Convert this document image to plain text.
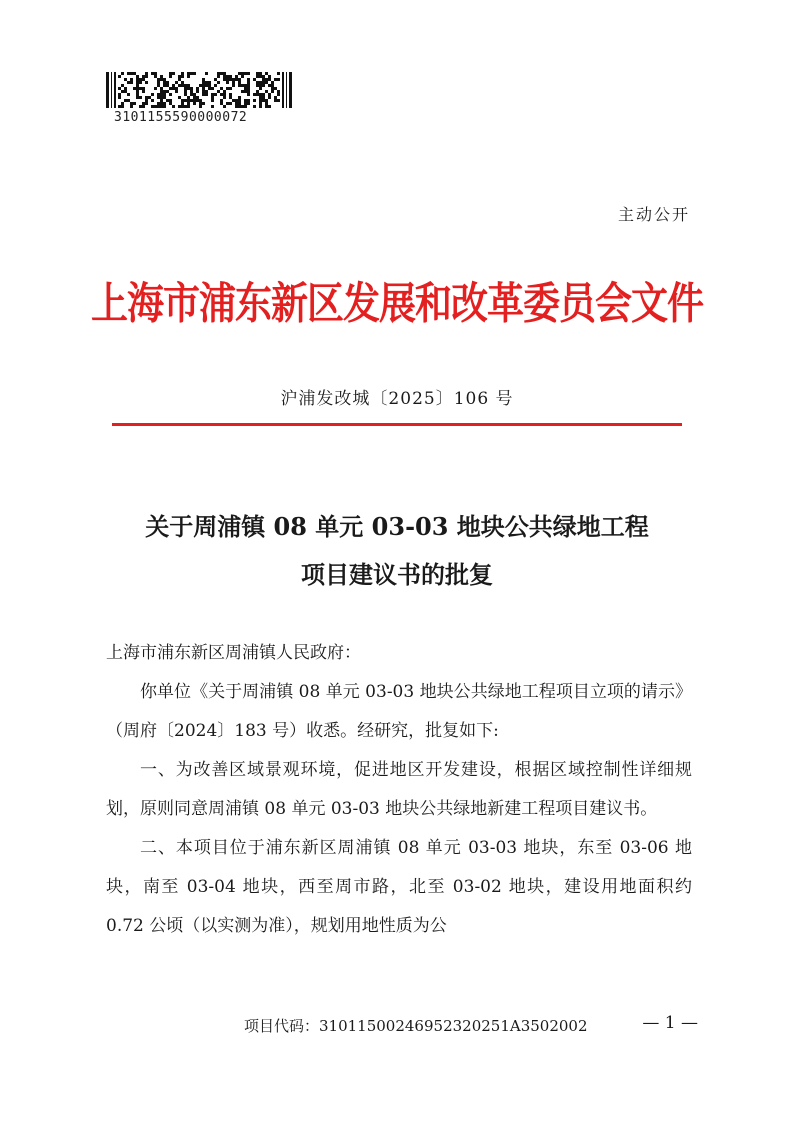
3101155590000072
主动公开
上海市浦东新区发展和改革委员会文件
沪浦发改城〔2025〕106 号
关于周浦镇 08 单元 03-03 地块公共绿地工程
项目建议书的批复

上海市浦东新区周浦镇人民政府：

你单位《关于周浦镇 08 单元 03-03 地块公共绿地工程项目立项的请示》（周府〔2024〕183 号）收悉。经研究，批复如下:

一、为改善区域景观环境，促进地区开发建设，根据区域控制性详细规划，原则同意周浦镇 08 单元 03-03 地块公共绿地新建工程项目建议书。

二、本项目位于浦东新区周浦镇 08 单元 03-03 地块，东至 03-06 地块，南至 03-04 地块，西至周市路，北至 03-02 地块，建设用地面积约 0.72 公顷（以实测为准），规划用地性质为公

项目代码：31011500246952320251A3502002	— 1 —
